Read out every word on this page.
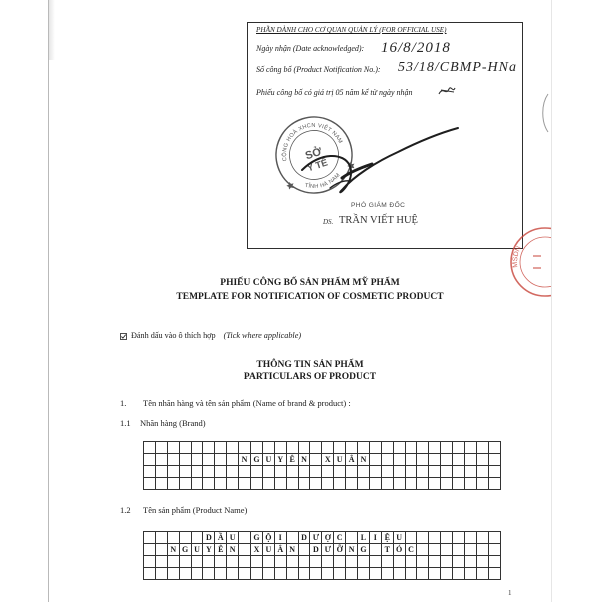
PHẦN DÀNH CHO CƠ QUAN QUẢN LÝ (FOR OFFICIAL USE)
Ngày nhận (Date acknowledged): 16/8/2018
Số công bố (Product Notification No.): 53/18/CBMP-HNa
Phiếu công bố có giá trị 05 năm kể từ ngày nhận
CỘNG HOÀ XHCN VIỆT NAM
TỈNH HÀ NAM
SỞ
Y TẾ
PHÓ GIÁM ĐỐC
DS. TRẦN VIẾT HUỆ
MSDN
PHIẾU CÔNG BỐ SẢN PHẨM MỸ PHẨM
TEMPLATE FOR NOTIFICATION OF COSMETIC PRODUCT
Đánh dấu vào ô thích hợp (Tick where applicable)
THÔNG TIN SẢN PHẨM
PARTICULARS OF PRODUCT
1. Tên nhãn hàng và tên sản phẩm (Name of brand & product) :
1.1 Nhãn hàng (Brand)
N G U Y Ê N	X U Â N
1.2 Tên sản phẩm (Product Name)
D Ầ U	G Ộ I	D Ư Ợ C	L I Ệ U
N G U Y Ê N	X U Â N	D Ư Ỡ N G	T Ó C
1
